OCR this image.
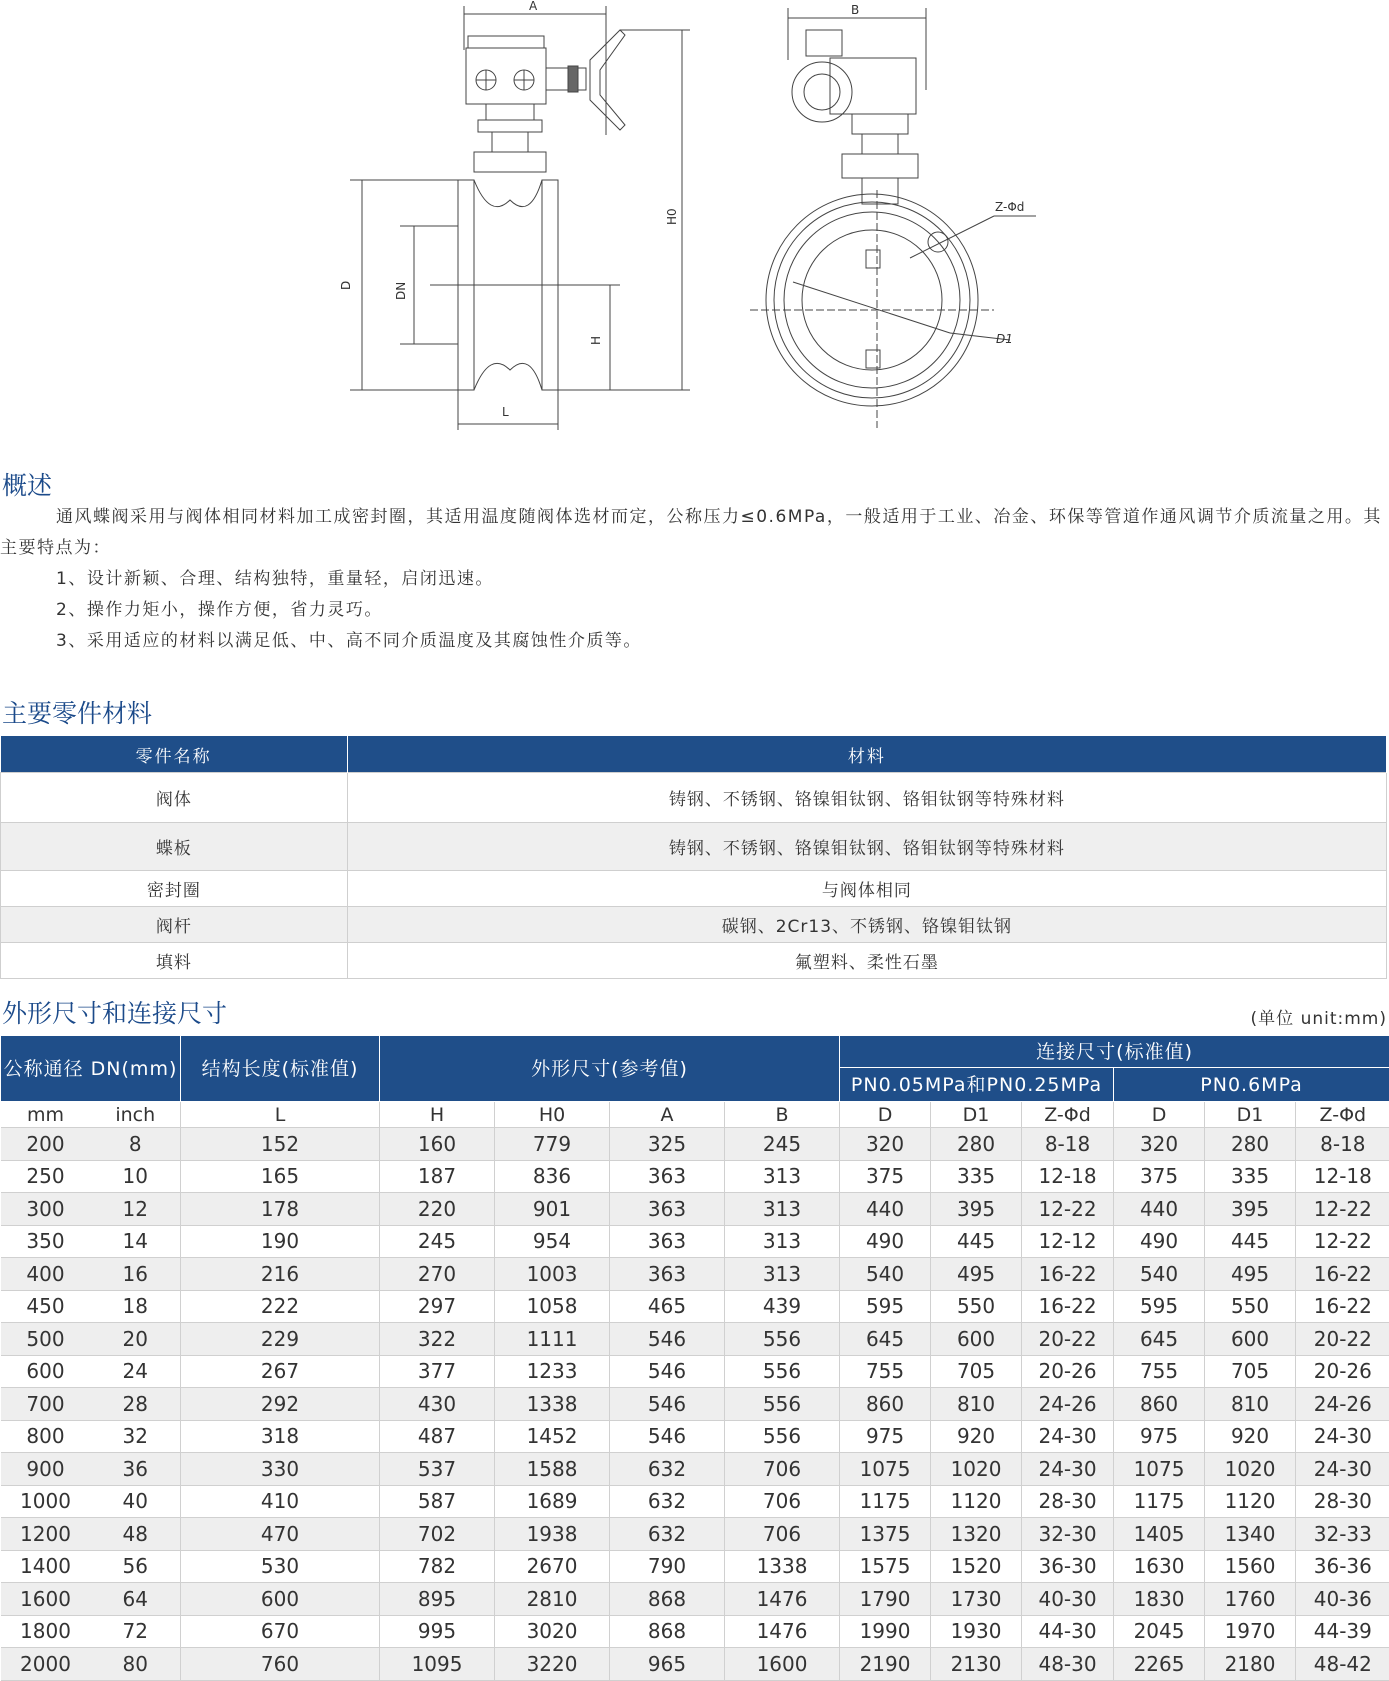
A
D	DN
H
H0
L
B
Z-Φd
D1
概述

通风蝶阀采用与阀体相同材料加工成密封圈，其适用温度随阀体选材而定，公称压力≤0.6MPa，一般适用于工业、冶金、环保等管道作通风调节介质流量之用。其主要特点为：

1、设计新颖、合理、结构独特，重量轻，启闭迅速。

2、操作力矩小，操作方便，省力灵巧。

3、采用适应的材料以满足低、中、高不同介质温度及其腐蚀性介质等。

主要零件材料
零件名称	材料
阀体	铸钢、不锈钢、铬镍钼钛钢、铬钼钛钢等特殊材料
蝶板	铸钢、不锈钢、铬镍钼钛钢、铬钼钛钢等特殊材料
密封圈	与阀体相同
阀杆	碳钢、2Cr13、不锈钢、铬镍钼钛钢
填料	氟塑料、柔性石墨
外形尺寸和连接尺寸	(单位 unit:mm)
公称通径 DN(mm)		结构长度(标准值)	外形尺寸(参考值)				连接尺寸(标准值)					
							PN0.05MPa和PN0.25MPa			PN0.6MPa		
mm	inch	L	H	H0	A	B	D	D1	Z-Φd	D	D1	Z-Φd
200	8	152	160	779	325	245	320	280	8-18	320	280	8-18
250	10	165	187	836	363	313	375	335	12-18	375	335	12-18
300	12	178	220	901	363	313	440	395	12-22	440	395	12-22
350	14	190	245	954	363	313	490	445	12-12	490	445	12-22
400	16	216	270	1003	363	313	540	495	16-22	540	495	16-22
450	18	222	297	1058	465	439	595	550	16-22	595	550	16-22
500	20	229	322	1111	546	556	645	600	20-22	645	600	20-22
600	24	267	377	1233	546	556	755	705	20-26	755	705	20-26
700	28	292	430	1338	546	556	860	810	24-26	860	810	24-26
800	32	318	487	1452	546	556	975	920	24-30	975	920	24-30
900	36	330	537	1588	632	706	1075	1020	24-30	1075	1020	24-30
1000	40	410	587	1689	632	706	1175	1120	28-30	1175	1120	28-30
1200	48	470	702	1938	632	706	1375	1320	32-30	1405	1340	32-33
1400	56	530	782	2670	790	1338	1575	1520	36-30	1630	1560	36-36
1600	64	600	895	2810	868	1476	1790	1730	40-30	1830	1760	40-36
1800	72	670	995	3020	868	1476	1990	1930	44-30	2045	1970	44-39
2000	80	760	1095	3220	965	1600	2190	2130	48-30	2265	2180	48-42
